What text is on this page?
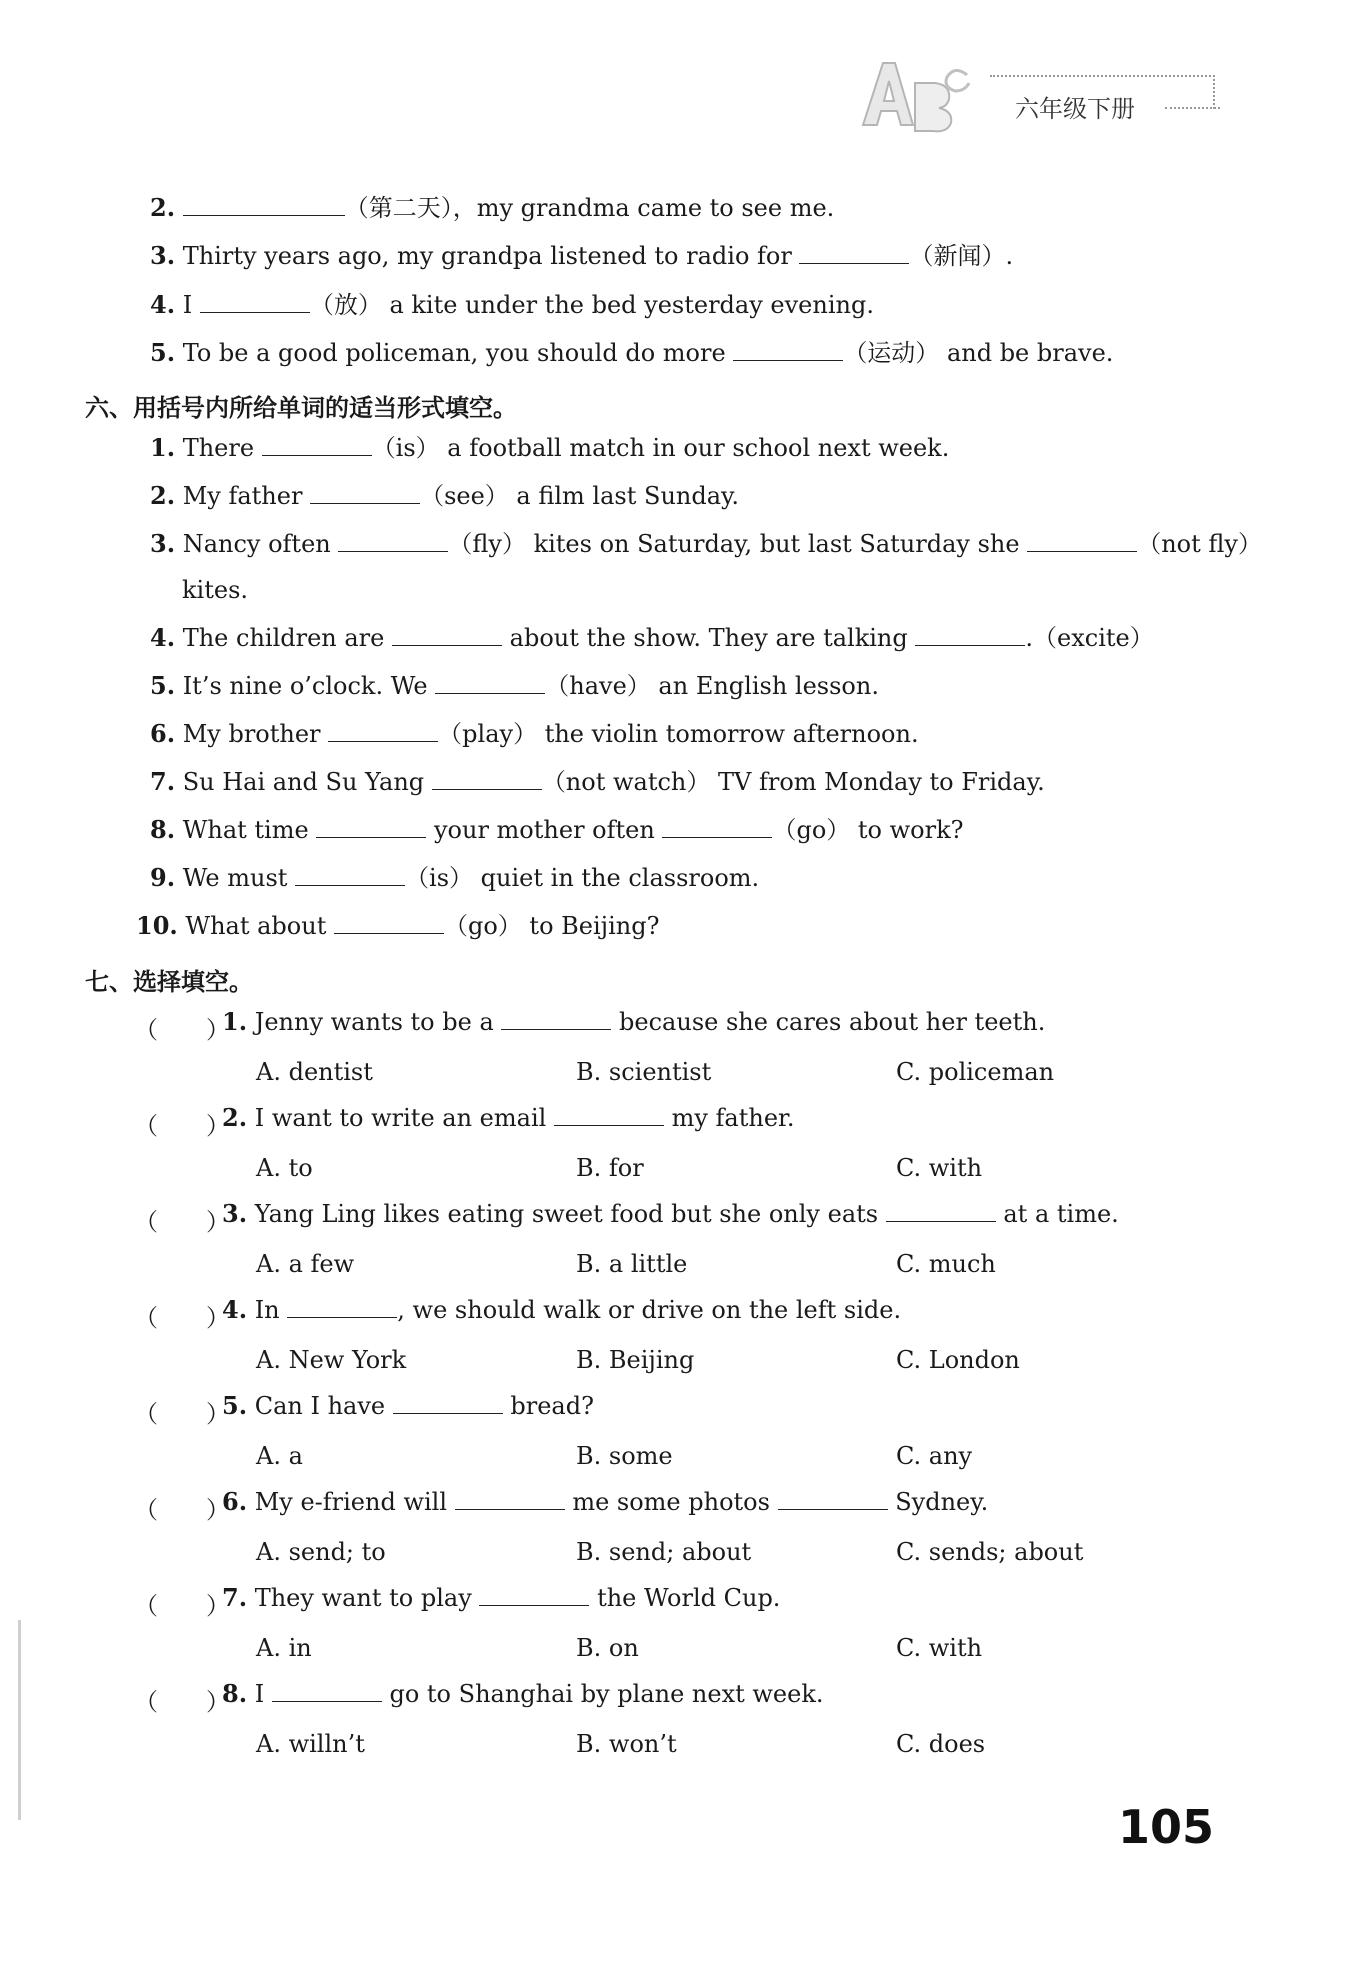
六年级下册
2.	（第二天），my grandma came to see me.
3. Thirty years ago, my grandpa listened to radio for	（新闻）.
4. I	（放） a kite under the bed yesterday evening.
5. To be a good policeman, you should do more	（运动） and be brave.
六、用括号内所给单词的适当形式填空。
1. There	（is） a football match in our school next week.
2. My father	（see） a film last Sunday.
3. Nancy often	（fly） kites on Saturday, but last Saturday she	（not fly）
kites.
4. The children are	about the show. They are talking	.（excite）
5. It’s nine o’clock. We	（have） an English lesson.
6. My brother	（play） the violin tomorrow afternoon.
7. Su Hai and Su Yang	（not watch） TV from Monday to Friday.
8. What time	your mother often	（go） to work?
9. We must	（is） quiet in the classroom.
10. What about	（go） to Beijing?
七、选择填空。
（　　）
1. Jenny wants to be a	because she cares about her teeth.
A. dentist	B. scientist	C. policeman
（　　）
2. I want to write an email	my father.
A. to	B. for	C. with
（　　）
3. Yang Ling likes eating sweet food but she only eats	at a time.
A. a few	B. a little	C. much
（　　）
4. In	, we should walk or drive on the left side.
A. New York	B. Beijing	C. London
（　　）
5. Can I have	bread?
A. a	B. some	C. any
（　　）
6. My e-friend will	me some photos	Sydney.
A. send; to	B. send; about	C. sends; about
（　　）
7. They want to play	the World Cup.
A. in	B. on	C. with
（　　）
8. I	go to Shanghai by plane next week.
A. willn’t	B. won’t	C. does
105
